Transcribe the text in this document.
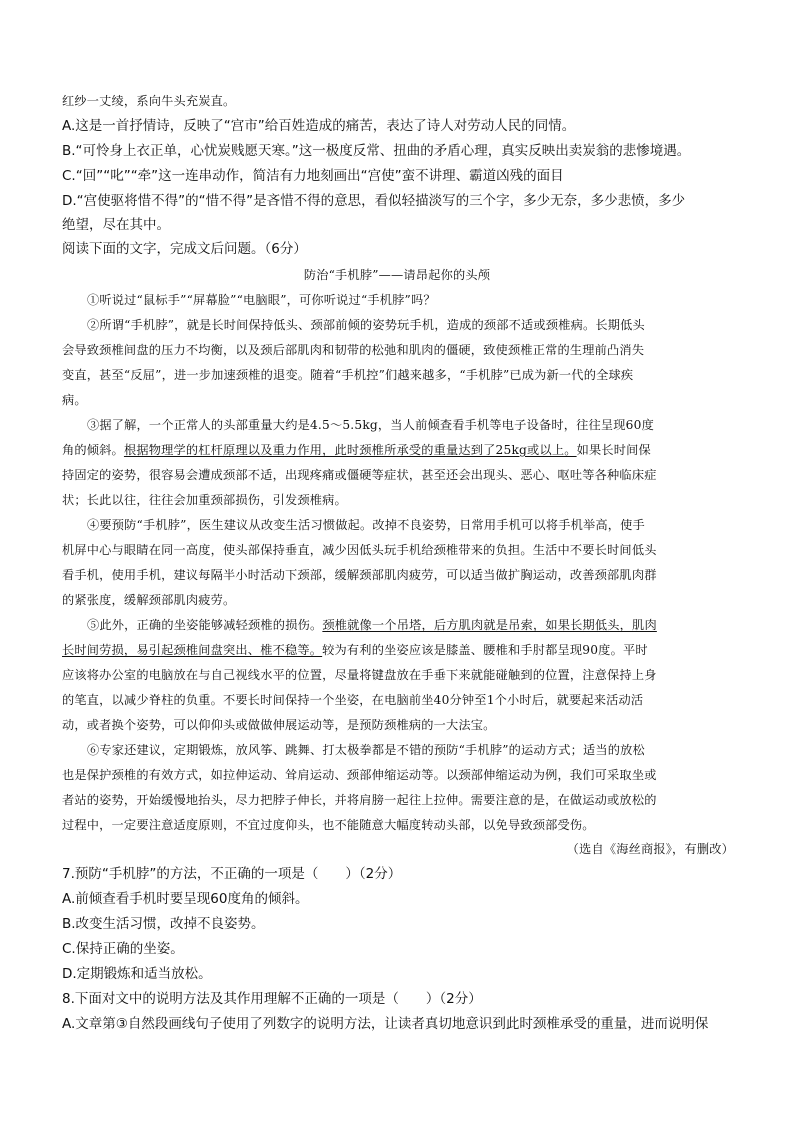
红纱一丈绫，系向牛头充炭直。
A.这是一首抒情诗，反映了“宫市”给百姓造成的痛苦，表达了诗人对劳动人民的同情。
B.“可怜身上衣正单，心忧炭贱愿天寒。”这一极度反常、扭曲的矛盾心理，真实反映出卖炭翁的悲惨境遇。
C.“回”“叱”“牵”这一连串动作，简洁有力地刻画出“宫使”蛮不讲理、霸道凶残的面目
D.“宫使驱将惜不得”的“惜不得”是吝惜不得的意思，看似轻描淡写的三个字，多少无奈，多少悲愤，多少
绝望，尽在其中。
阅读下面的文字，完成文后问题。（6分）
防治“手机脖”——请昂起你的头颅
①听说过“鼠标手”“屏幕脸”“电脑眼”，可你听说过“手机脖”吗？
②所谓“手机脖”，就是长时间保持低头、颈部前倾的姿势玩手机，造成的颈部不适或颈椎病。长期低头
会导致颈椎间盘的压力不均衡，以及颈后部肌肉和韧带的松弛和肌肉的僵硬，致使颈椎正常的生理前凸消失
变直，甚至“反屈”，进一步加速颈椎的退变。随着“手机控”们越来越多，“手机脖”已成为新一代的全球疾
病。
③据了解，一个正常人的头部重量大约是4.5～5.5kg，当人前倾查看手机等电子设备时，往往呈现60度
角的倾斜。根据物理学的杠杆原理以及重力作用，此时颈椎所承受的重量达到了25kg或以上。如果长时间保
持固定的姿势，很容易会遭成颈部不适，出现疼痛或僵硬等症状，甚至还会出现头、恶心、呕吐等各种临床症
状；长此以往，往往会加重颈部损伤，引发颈椎病。
④要预防“手机脖”，医生建议从改变生活习惯做起。改掉不良姿势，日常用手机可以将手机举高，使手
机屏中心与眼睛在同一高度，使头部保持垂直，减少因低头玩手机给颈椎带来的负担。生活中不要长时间低头
看手机，使用手机，建议每隔半小时活动下颈部，缓解颈部肌肉疲劳，可以适当做扩胸运动，改善颈部肌肉群
的紧张度，缓解颈部肌肉疲劳。
⑤此外，正确的坐姿能够减轻颈椎的损伤。颈椎就像一个吊塔，后方肌肉就是吊索，如果长期低头，肌肉
长时间劳损，易引起颈椎间盘突出、椎不稳等。较为有利的坐姿应该是膝盖、腰椎和手肘都呈现90度。平时
应该将办公室的电脑放在与自己视线水平的位置，尽量将键盘放在手垂下来就能碰触到的位置，注意保持上身
的笔直，以减少脊柱的负重。不要长时间保持一个坐姿，在电脑前坐40分钟至1个小时后，就要起来活动活
动，或者换个姿势，可以仰仰头或做做伸展运动等，是预防颈椎病的一大法宝。
⑥专家还建议，定期锻炼，放风筝、跳舞、打太极拳都是不错的预防“手机脖”的运动方式；适当的放松
也是保护颈椎的有效方式，如拉伸运动、耸肩运动、颈部伸缩运动等。以颈部伸缩运动为例，我们可采取坐或
者站的姿势，开始缓慢地抬头，尽力把脖子伸长，并将肩膀一起往上拉伸。需要注意的是，在做运动或放松的
过程中，一定要注意适度原则，不宜过度仰头，也不能随意大幅度转动头部，以免导致颈部受伤。
（选自《海丝商报》，有删改）
7.预防“手机脖”的方法，不正确的一项是（　　）（2分）
A.前倾查看手机时要呈现60度角的倾斜。
B.改变生活习惯，改掉不良姿势。
C.保持正确的坐姿。
D.定期锻炼和适当放松。
8.下面对文中的说明方法及其作用理解不正确的一项是（　　）（2分）
A.文章第③自然段画线句子使用了列数字的说明方法，让读者真切地意识到此时颈椎承受的重量，进而说明保
